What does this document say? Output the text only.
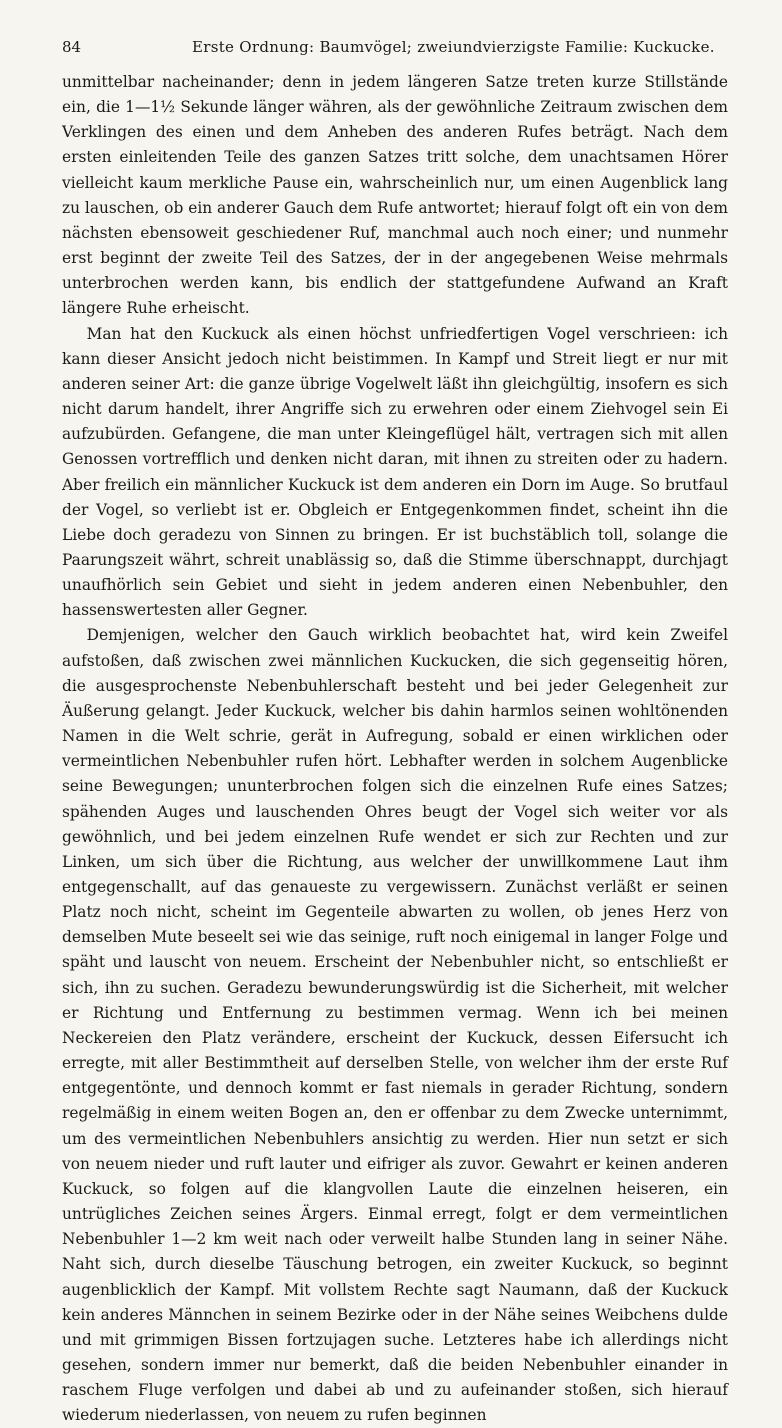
84	Erste Ordnung: Baumvögel; zweiundvierzigste Familie: Kuckucke.

unmittelbar nacheinander; denn in jedem längeren Satze treten kurze Stillstände ein, die 1—1½ Sekunde länger währen, als der gewöhnliche Zeitraum zwischen dem Verklingen des einen und dem Anheben des anderen Rufes beträgt. Nach dem ersten einleitenden Teile des ganzen Satzes tritt solche, dem unachtsamen Hörer vielleicht kaum merkliche Pause ein, wahrscheinlich nur, um einen Augenblick lang zu lauschen, ob ein anderer Gauch dem Rufe antwortet; hierauf folgt oft ein von dem nächsten ebensoweit geschiedener Ruf, manchmal auch noch einer; und nunmehr erst beginnt der zweite Teil des Satzes, der in der angegebenen Weise mehrmals unterbrochen werden kann, bis endlich der stattgefundene Aufwand an Kraft längere Ruhe erheischt.

Man hat den Kuckuck als einen höchst unfriedfertigen Vogel verschrieen: ich kann dieser Ansicht jedoch nicht beistimmen. In Kampf und Streit liegt er nur mit anderen seiner Art: die ganze übrige Vogelwelt läßt ihn gleichgültig, insofern es sich nicht darum handelt, ihrer Angriffe sich zu erwehren oder einem Ziehvogel sein Ei aufzubürden. Gefangene, die man unter Kleingeflügel hält, vertragen sich mit allen Genossen vortrefflich und denken nicht daran, mit ihnen zu streiten oder zu hadern. Aber freilich ein männlicher Kuckuck ist dem anderen ein Dorn im Auge. So brutfaul der Vogel, so verliebt ist er. Obgleich er Entgegenkommen findet, scheint ihn die Liebe doch geradezu von Sinnen zu bringen. Er ist buchstäblich toll, solange die Paarungszeit währt, schreit unablässig so, daß die Stimme überschnappt, durchjagt unaufhörlich sein Gebiet und sieht in jedem anderen einen Nebenbuhler, den hassenswertesten aller Gegner.

Demjenigen, welcher den Gauch wirklich beobachtet hat, wird kein Zweifel aufstoßen, daß zwischen zwei männlichen Kuckucken, die sich gegenseitig hören, die ausgesprochenste Nebenbuhlerschaft besteht und bei jeder Gelegenheit zur Äußerung gelangt. Jeder Kuckuck, welcher bis dahin harmlos seinen wohltönenden Namen in die Welt schrie, gerät in Aufregung, sobald er einen wirklichen oder vermeintlichen Nebenbuhler rufen hört. Lebhafter werden in solchem Augenblicke seine Bewegungen; ununterbrochen folgen sich die einzelnen Rufe eines Satzes; spähenden Auges und lauschenden Ohres beugt der Vogel sich weiter vor als gewöhnlich, und bei jedem einzelnen Rufe wendet er sich zur Rechten und zur Linken, um sich über die Richtung, aus welcher der unwillkommene Laut ihm entgegenschallt, auf das genaueste zu vergewissern. Zunächst verläßt er seinen Platz noch nicht, scheint im Gegenteile abwarten zu wollen, ob jenes Herz von demselben Mute beseelt sei wie das seinige, ruft noch einigemal in langer Folge und späht und lauscht von neuem. Erscheint der Nebenbuhler nicht, so entschließt er sich, ihn zu suchen. Geradezu bewunderungswürdig ist die Sicherheit, mit welcher er Richtung und Entfernung zu bestimmen vermag. Wenn ich bei meinen Neckereien den Platz verändere, erscheint der Kuckuck, dessen Eifersucht ich erregte, mit aller Bestimmtheit auf derselben Stelle, von welcher ihm der erste Ruf entgegentönte, und dennoch kommt er fast niemals in gerader Richtung, sondern regelmäßig in einem weiten Bogen an, den er offenbar zu dem Zwecke unternimmt, um des vermeintlichen Nebenbuhlers ansichtig zu werden. Hier nun setzt er sich von neuem nieder und ruft lauter und eifriger als zuvor. Gewahrt er keinen anderen Kuckuck, so folgen auf die klangvollen Laute die einzelnen heiseren, ein untrügliches Zeichen seines Ärgers. Einmal erregt, folgt er dem vermeintlichen Nebenbuhler 1—2 km weit nach oder verweilt halbe Stunden lang in seiner Nähe. Naht sich, durch dieselbe Täuschung betrogen, ein zweiter Kuckuck, so beginnt augenblicklich der Kampf. Mit vollstem Rechte sagt Naumann, daß der Kuckuck kein anderes Männchen in seinem Bezirke oder in der Nähe seines Weibchens dulde und mit grimmigen Bissen fortzujagen suche. Letzteres habe ich allerdings nicht gesehen, sondern immer nur bemerkt, daß die beiden Nebenbuhler einander in raschem Fluge verfolgen und dabei ab und zu aufeinander stoßen, sich hierauf wiederum niederlassen, von neuem zu rufen beginnen
